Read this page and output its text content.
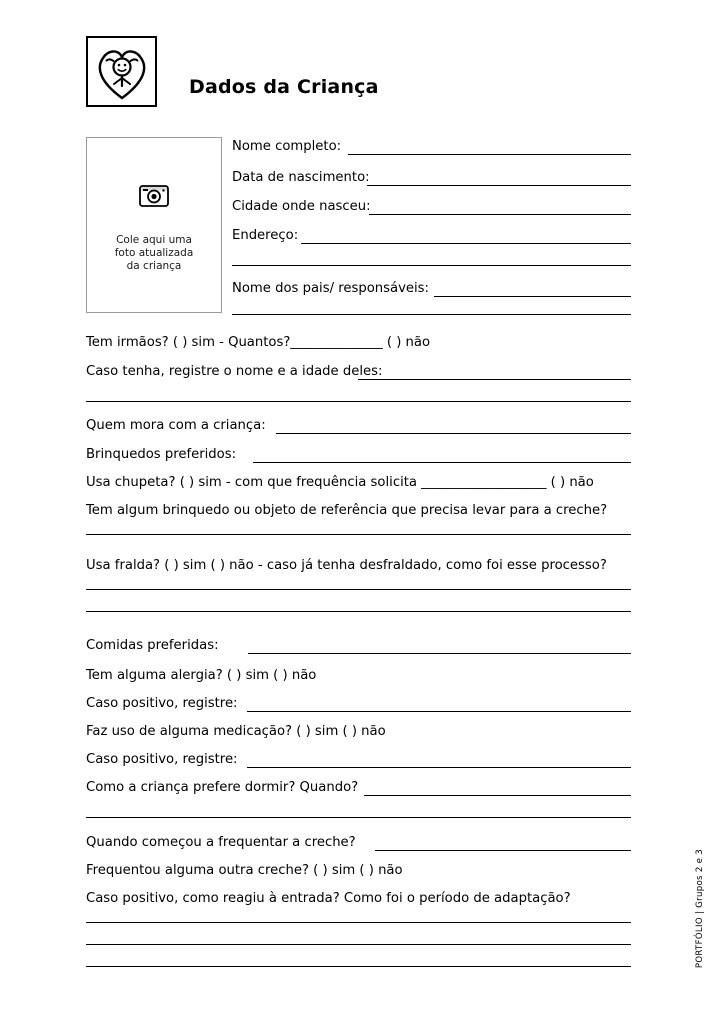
Dados da Criança
Cole aqui uma
foto atualizada
da criança
Nome completo:
Data de nascimento:
Cidade onde nasceu:
Endereço:
Nome dos pais/ responsáveis:
Tem irmãos? ( ) sim - Quantos?______________ ( ) não
Caso tenha, registre o nome e a idade deles:
Quem mora com a criança:
Brinquedos preferidos:
Usa chupeta? ( ) sim - com que frequência solicita ___________________ ( ) não
Tem algum brinquedo ou objeto de referência que precisa levar para a creche?
Usa fralda? ( ) sim ( ) não - caso já tenha desfraldado, como foi esse processo?
Comidas preferidas:
Tem alguma alergia? ( ) sim ( ) não
Caso positivo, registre:
Faz uso de alguma medicação? ( ) sim ( ) não
Caso positivo, registre:
Como a criança prefere dormir? Quando?
Quando começou a frequentar a creche?
Frequentou alguma outra creche? ( ) sim ( ) não
Caso positivo, como reagiu à entrada? Como foi o período de adaptação?	PORTFÓLIO | Grupos 2 e 3
